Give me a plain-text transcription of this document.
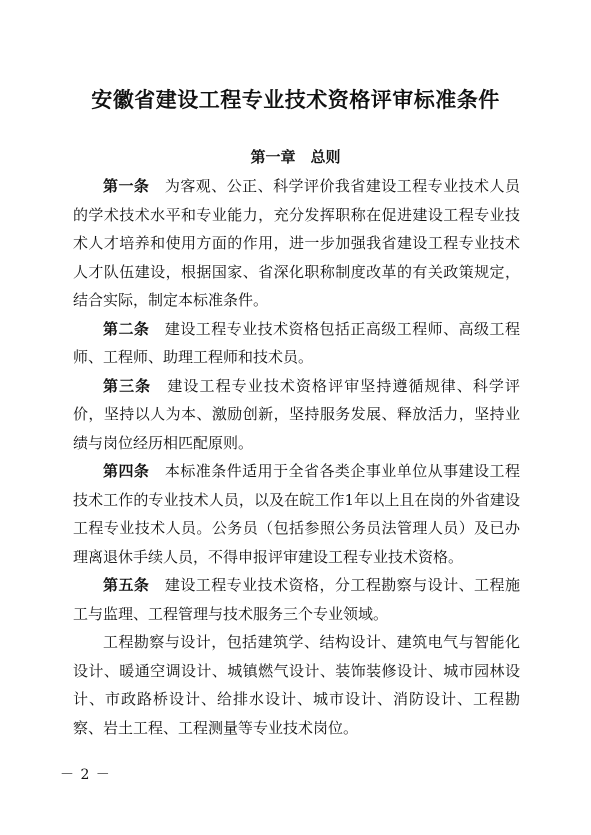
安徽省建设工程专业技术资格评审标准条件
第一章　总则

第一条　 为客观、公正、科学评价我省建设工程专业技术人员的学术技术水平和专业能力，充分发挥职称在促进建设工程专业技术人才培养和使用方面的作用，进一步加强我省建设工程专业技术人才队伍建设，根据国家、省深化职称制度改革的有关政策规定，结合实际，制定本标准条件。

第二条　 建设工程专业技术资格包括正高级工程师、高级工程师、工程师、助理工程师和技术员。

第三条　 建设工程专业技术资格评审坚持遵循规律、科学评价，坚持以人为本、激励创新，坚持服务发展、释放活力，坚持业绩与岗位经历相匹配原则。

第四条　 本标准条件适用于全省各类企事业单位从事建设工程技术工作的专业技术人员，以及在皖工作1年以上且在岗的外省建设工程专业技术人员。公务员（包括参照公务员法管理人员）及已办理离退休手续人员，不得申报评审建设工程专业技术资格。

第五条　 建设工程专业技术资格，分工程勘察与设计、工程施工与监理、工程管理与技术服务三个专业领域。

工程勘察与设计，包括建筑学、结构设计、建筑电气与智能化设计、暖通空调设计、城镇燃气设计、装饰装修设计、城市园林设计、市政路桥设计、给排水设计、城市设计、消防设计、工程勘察、岩土工程、工程测量等专业技术岗位。

－ 2 －
